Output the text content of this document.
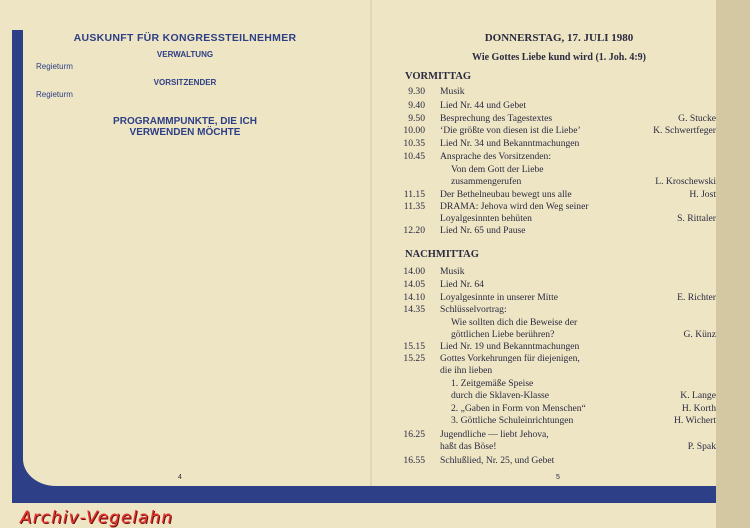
AUSKUNFT FÜR KONGRESSTEILNEHMER
VERWALTUNG
Regieturm
VORSITZENDER
Regieturm
PROGRAMMPUNKTE, DIE ICH
VERWENDEN MÖCHTE
4
DONNERSTAG, 17. JULI 1980
Wie Gottes Liebe kund wird (1. Joh. 4:9)
VORMITTAG
9.30 Musik
9.40 Lied Nr. 44 und Gebet
9.50 Besprechung des Tagestextes	G. Stucke
10.00 ‘Die größte von diesen ist die Liebe’	K. Schwertfeger
10.35 Lied Nr. 34 und Bekanntmachungen
10.45 Ansprache des Vorsitzenden:
Von dem Gott der Liebe
zusammengerufen	L. Kroschewski
11.15 Der Bethelneubau bewegt uns alle	H. Jost
11.35 DRAMA: Jehova wird den Weg seiner
Loyalgesinnten behüten	S. Rittaler
12.20 Lied Nr. 65 und Pause
NACHMITTAG
14.00 Musik
14.05 Lied Nr. 64
14.10 Loyalgesinnte in unserer Mitte	E. Richter
14.35 Schlüsselvortrag:
Wie sollten dich die Beweise der
göttlichen Liebe berühren?	G. Künz
15.15 Lied Nr. 19 und Bekanntmachungen
15.25 Gottes Vorkehrungen für diejenigen,
die ihn lieben
1. Zeitgemäße Speise
durch die Sklaven-Klasse	K. Lange
2. „Gaben in Form von Menschen“	H. Korth
3. Göttliche Schuleinrichtungen	H. Wichert
16.25 Jugendliche — liebt Jehova,
haßt das Böse!	P. Spak
16.55 Schlußlied, Nr. 25, und Gebet
5
Archiv-Vegelahn
